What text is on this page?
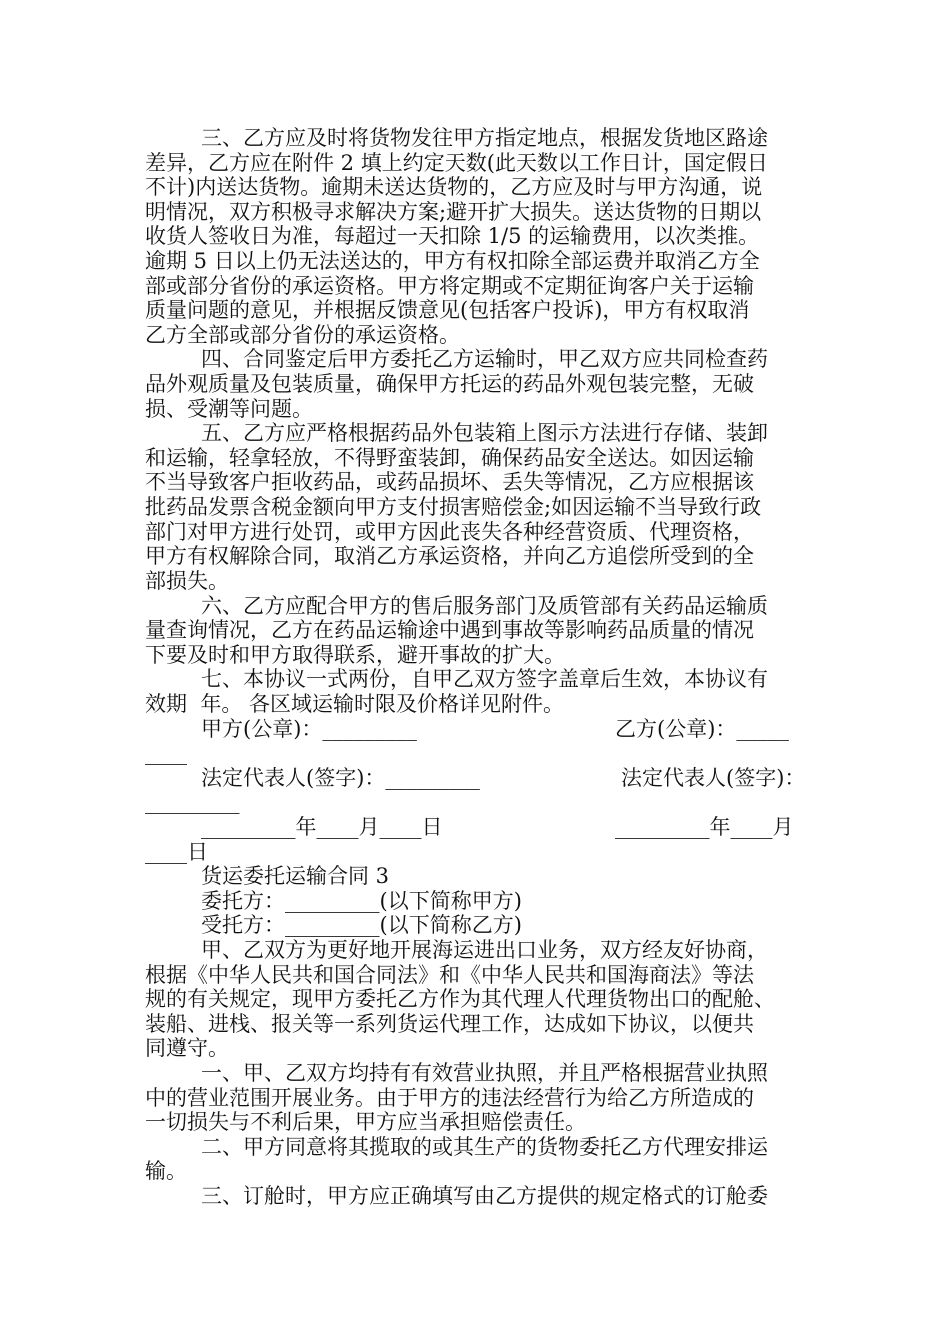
三、乙方应及时将货物发往甲方指定地点，根据发货地区路途
差异，乙方应在附件 2 填上约定天数(此天数以工作日计，国定假日
不计)内送达货物。逾期未送达货物的，乙方应及时与甲方沟通，说
明情况，双方积极寻求解决方案;避开扩大损失。送达货物的日期以
收货人签收日为准，每超过一天扣除 1/5 的运输费用，以次类推。
逾期 5 日以上仍无法送达的，甲方有权扣除全部运费并取消乙方全
部或部分省份的承运资格。甲方将定期或不定期征询客户关于运输
质量问题的意见，并根据反馈意见(包括客户投诉)，甲方有权取消
乙方全部或部分省份的承运资格。
四、合同鉴定后甲方委托乙方运输时，甲乙双方应共同检查药
品外观质量及包装质量，确保甲方托运的药品外观包装完整，无破
损、受潮等问题。
五、乙方应严格根据药品外包装箱上图示方法进行存储、装卸
和运输，轻拿轻放，不得野蛮装卸，确保药品安全送达。如因运输
不当导致客户拒收药品，或药品损坏、丢失等情况，乙方应根据该
批药品发票含税金额向甲方支付损害赔偿金;如因运输不当导致行政
部门对甲方进行处罚，或甲方因此丧失各种经营资质、代理资格，
甲方有权解除合同，取消乙方承运资格，并向乙方追偿所受到的全
部损失。
六、乙方应配合甲方的售后服务部门及质管部有关药品运输质
量查询情况，乙方在药品运输途中遇到事故等影响药品质量的情况
下要及时和甲方取得联系，避开事故的扩大。
七、本协议一式两份，自甲乙双方签字盖章后生效，本协议有
效期  年。 各区域运输时限及价格详见附件。
甲方(公章)：_________	乙方(公章)：_____
____
法定代表人(签字)：_________	法定代表人(签字)：
_________
_________年____月____日	_________年____月
____日
货运委托运输合同 3
委托方：_________(以下简称甲方)
受托方：_________(以下简称乙方)
甲、乙双方为更好地开展海运进出口业务，双方经友好协商，
根据《中华人民共和国合同法》和《中华人民共和国海商法》等法
规的有关规定，现甲方委托乙方作为其代理人代理货物出口的配舱、
装船、进栈、报关等一系列货运代理工作，达成如下协议，以便共
同遵守。
一、甲、乙双方均持有有效营业执照，并且严格根据营业执照
中的营业范围开展业务。由于甲方的违法经营行为给乙方所造成的
一切损失与不利后果，甲方应当承担赔偿责任。
二、甲方同意将其揽取的或其生产的货物委托乙方代理安排运
输。
三、订舱时，甲方应正确填写由乙方提供的规定格式的订舱委
